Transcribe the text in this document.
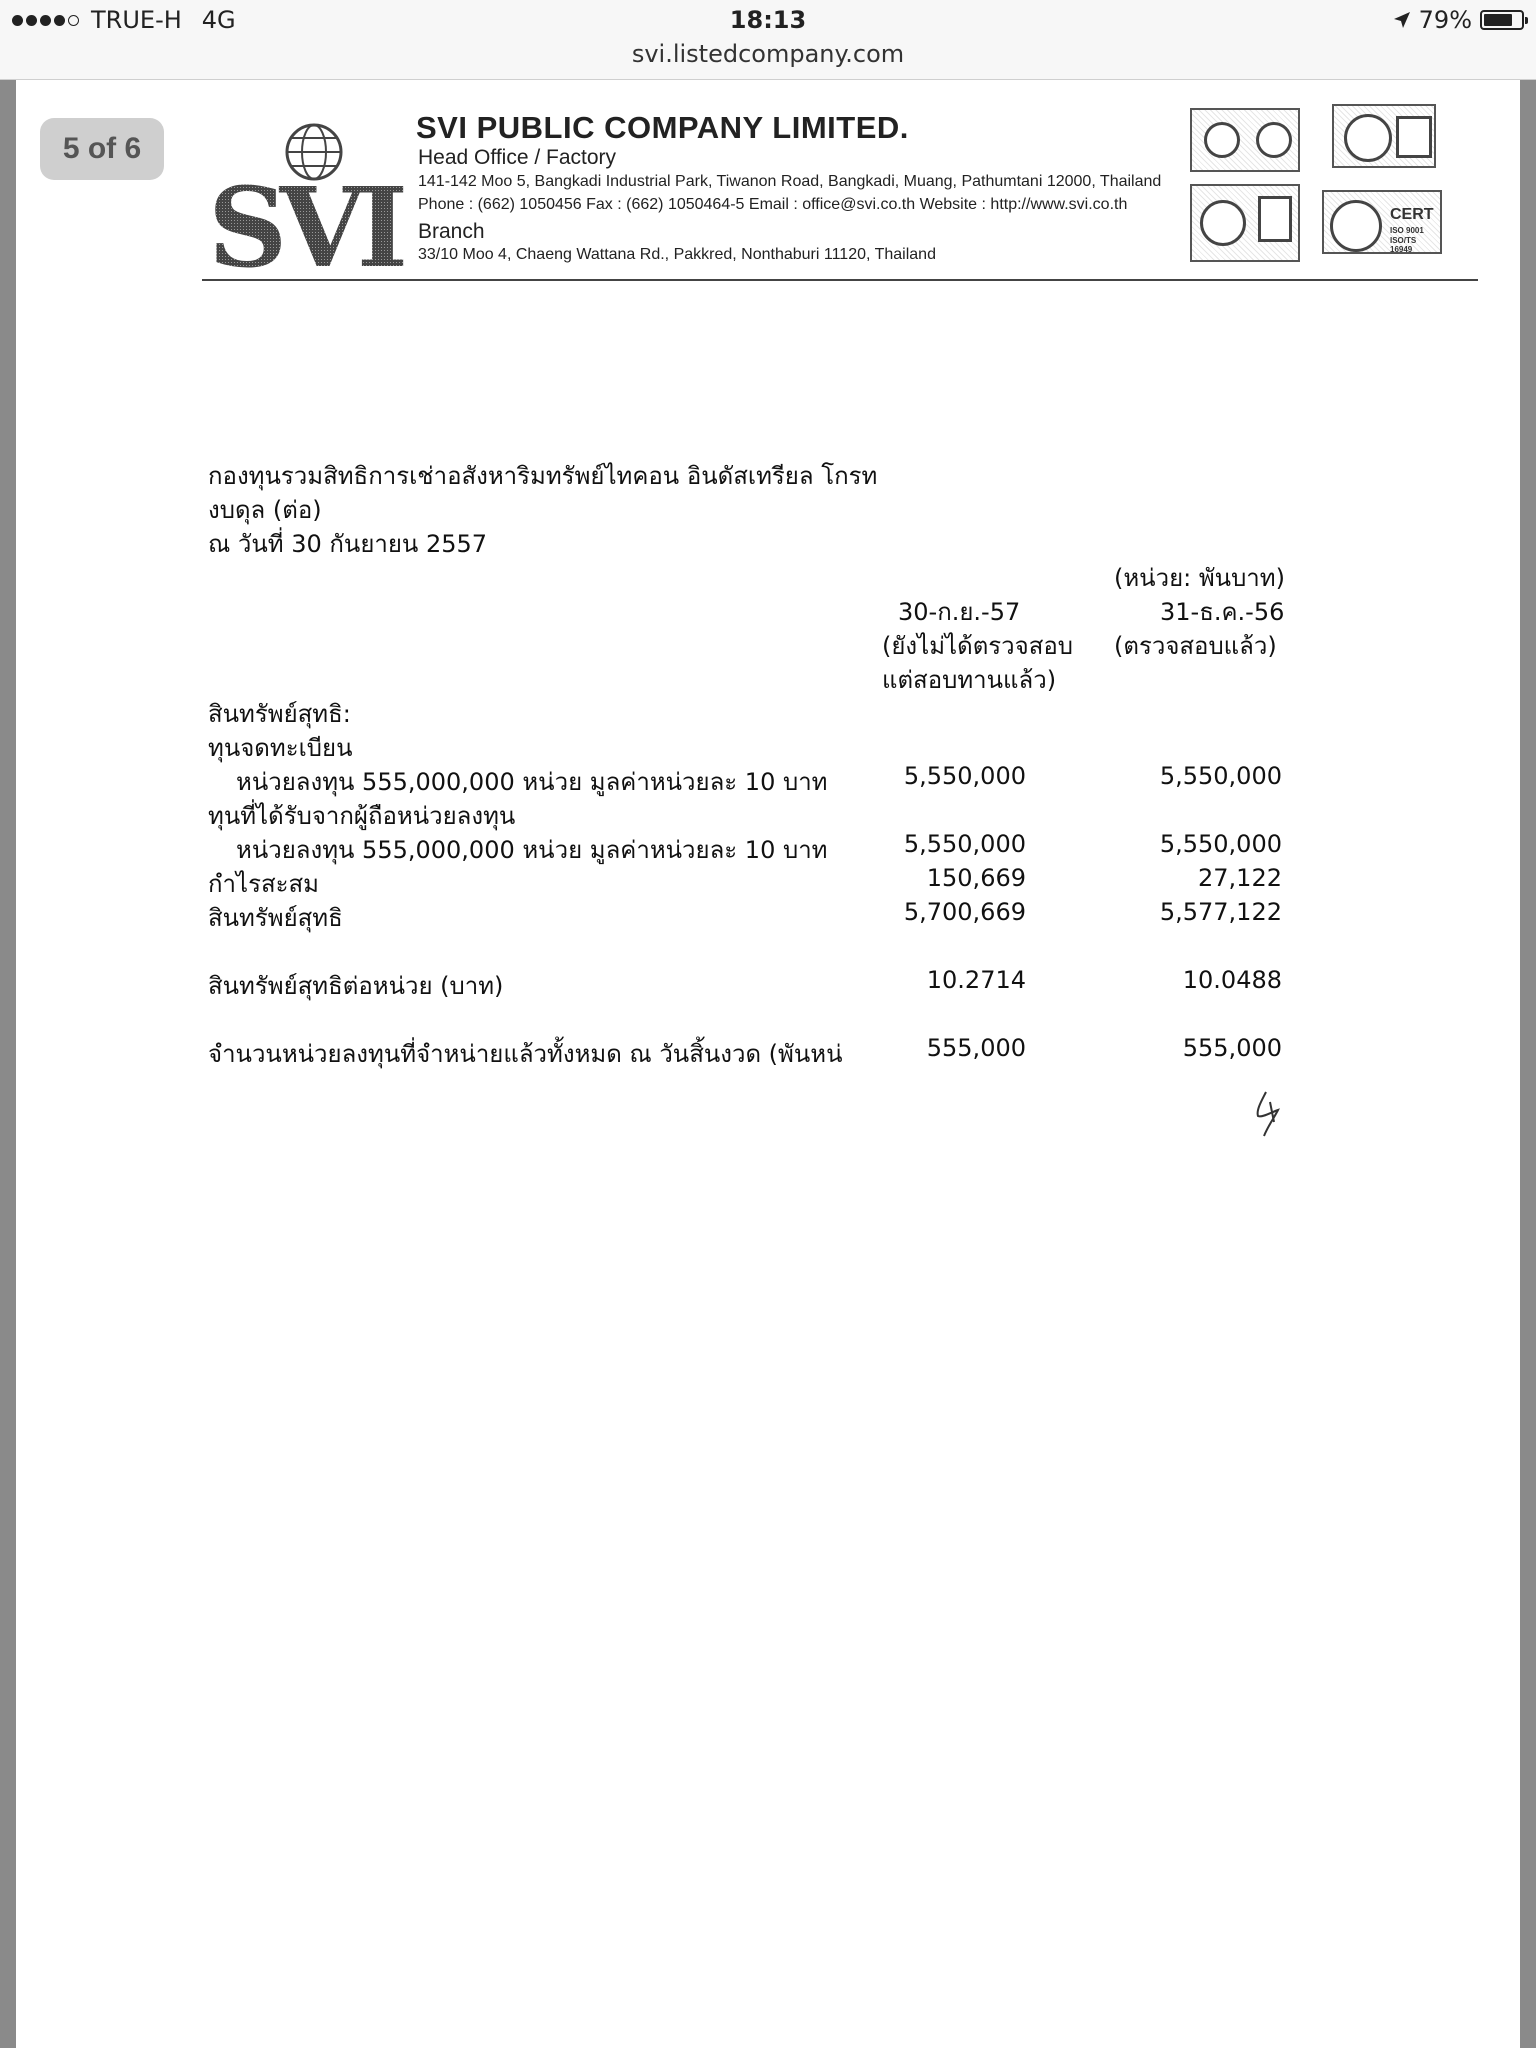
TRUE-H 4G	18:13
svi.listedcompany.com
79%
5 of 6
SVI
SVI PUBLIC COMPANY LIMITED.
Head Office / Factory
141-142 Moo 5, Bangkadi Industrial Park, Tiwanon Road, Bangkadi, Muang, Pathumtani 12000, Thailand
Phone : (662) 1050456 Fax : (662) 1050464-5 Email : office@svi.co.th Website : http://www.svi.co.th
Branch
33/10 Moo 4, Chaeng Wattana Rd., Pakkred, Nonthaburi 11120, Thailand
CERT
ISO 9001
ISO/TS 16949
กองทุนรวมสิทธิการเช่าอสังหาริมทรัพย์ไทคอน อินดัสเทรียล โกรท
งบดุล (ต่อ)
ณ วันที่ 30 กันยายน 2557
(หน่วย: พันบาท)
30-ก.ย.-57
(ยังไม่ได้ตรวจสอบ
แต่สอบทานแล้ว)
31-ธ.ค.-56
(ตรวจสอบแล้ว)
สินทรัพย์สุทธิ:
ทุนจดทะเบียน
หน่วยลงทุน 555,000,000 หน่วย มูลค่าหน่วยละ 10 บาท	5,550,000	5,550,000
ทุนที่ได้รับจากผู้ถือหน่วยลงทุน
หน่วยลงทุน 555,000,000 หน่วย มูลค่าหน่วยละ 10 บาท	5,550,000	5,550,000
กำไรสะสม	150,669	27,122
สินทรัพย์สุทธิ	5,700,669	5,577,122
สินทรัพย์สุทธิต่อหน่วย (บาท)	10.2714	10.0488
จำนวนหน่วยลงทุนที่จำหน่ายแล้วทั้งหมด ณ วันสิ้นงวด (พันหน่	555,000	555,000
